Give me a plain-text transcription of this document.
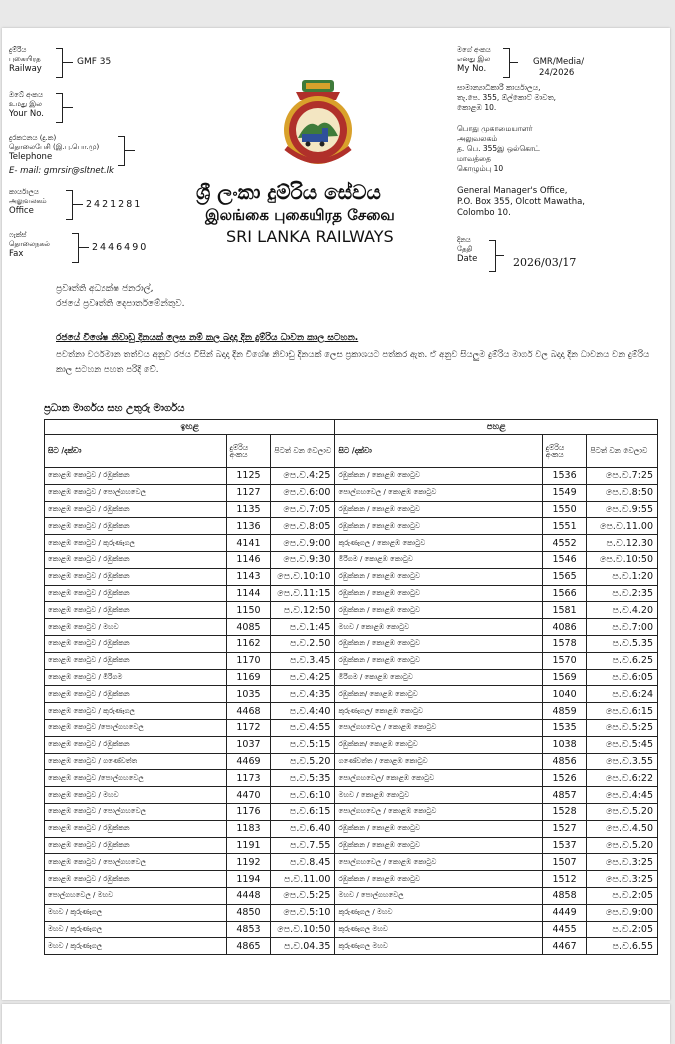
දුම්රිය
புகையிரத
Railway
GMF 35
ඔබේ අංකය
உமது இல
Your No.
දුරකථනය (දු.ක)
தொலைபேசி (இ.பு.பொ.மு)
Telephone
E- mail: gmrsir@sltnet.lk
කාර්යාලය
அலுவலகம்
Office
2421281
ෆැක්ස්
தொலைநகல்
Fax
2446490
ශ්‍රී ලංකා දුම්රිය සේවය
இலங்கை புகையிரத சேவை
SRI LANKA RAILWAYS
මගේ අංකය
எனது இல
My No.
GMR/Media/
24/2026
සාමාන්‍යාධිකාරී කාර්යාලය,
තැ.පෙ. 355, ඕල්කොට් මාවත,
කොළඹ 10.
பொது முகாமையாளர்
அலுவலகம்
த. பெ. 355இ ஒல்கொட்
மாவத்தை
கொழும்பு 10
General Manager's Office,
P.O. Box 355, Olcott Mawatha,
Colombo 10.
දිනය
தேதி
Date	2026/03/17
ප්‍රවෘත්ති අධ්‍යක්ෂ ජනරාල්,
රජයේ ප්‍රවෘත්ති දෙපාර්තමේන්තුව.
රජයේ විශේෂ නිවාඩු දිනයක් ලෙස නම් කල බදාදා දින දුම්රිය ධාවන කාල සටහන.
පවත්නා වර්ථමාන තත්වය අනුව රජය විසින් බදාදා දින විශේෂ නිවාඩු දිනයක් ලෙස ප්‍රකාශයට පත්කර ඇත. ඒ අනුව සියලුම දුම්රිය මාර්ග වල බදාදා දින ධාවනය වන දුම්රිය කාල සටහන පහත පරිදි වේ.
ප්‍රධාන මාර්ගය සහ උතුරු මාර්ගය
ඉහළ			පහළ		
සිට /දක්වා	දුම්රිය අංකය	පිටත් වන වෙලාව	සිට /දක්වා	දුම්රිය අංකය	පිටත් වන වෙලාව
කොළඹ කොටුව / රඹුක්කන	1125	පෙ.ව.4:25	රඹුක්කන / කොළඹ කොටුව	1536	පෙ.ව.7:25
කොළඹ කොටුව / පොල්ගහවෙල	1127	පෙ.ව.6:00	පොල්ගහවෙල / කොළඹ කොටුව	1549	පෙ.ව.8:50
කොළඹ කොටුව / රඹුක්කන	1135	පෙ.ව.7:05	රඹුක්කන / කොළඹ කොටුව	1550	පෙ.ව.9:55
කොළඹ කොටුව / රඹුක්කන	1136	පෙ.ව.8:05	රඹුක්කන / කොළඹ කොටුව	1551	පෙ.ව.11.00
කොළඹ කොටුව / කුරුණෑගල	4141	පෙ.ව.9:00	කුරුණෑගල / කොළඹ කොටුව	4552	ප.ව.12.30
කොළඹ කොටුව / රඹුක්කන	1146	පෙ.ව.9:30	මීරිගම / කොළඹ කොටුව	1546	පෙ.ව.10:50
කොළඹ කොටුව / රඹුක්කන	1143	පෙ.ව.10:10	රඹුක්කන / කොළඹ කොටුව	1565	ප.ව.1:20
කොළඹ කොටුව / රඹුක්කන	1144	පෙ.ව.11:15	රඹුක්කන / කොළඹ කොටුව	1566	ප.ව.2:35
කොළඹ කොටුව / රඹුක්කන	1150	ප.ව.12:50	රඹුක්කන / කොළඹ කොටුව	1581	ප.ව.4.20
කොළඹ කොටුව / මහව	4085	ප.ව.1:45	මහව / කොළඹ කොටුව	4086	ප.ව.7:00
කොළඹ කොටුව / රඹුක්කන	1162	ප.ව.2.50	රඹුක්කන / කොළඹ කොටුව	1578	ප.ව.5.35
කොළඹ කොටුව / රඹුක්කන	1170	ප.ව.3.45	රඹුක්කන / කොළඹ කොටුව	1570	ප.ව.6.25
කොළඹ කොටුව / මීරිගම	1169	ප.ව.4:25	මීරිගම / කොළඹ කොටුව	1569	ප.ව.6:05
කොළඹ කොටුව / රඹුක්කන	1035	ප.ව.4:35	රඹුක්කන/ කොළඹ කොටුව	1040	ප.ව.6:24
කොළඹ කොටුව / කුරුණෑගල	4468	ප.ව.4:40	කුරුණෑගල/ කොළඹ කොටුව	4859	පෙ.ව.6:15
කොළඹ කොටුව /පොල්ගහවෙල	1172	ප.ව.4:55	පොල්ගහවෙල / කොළඹ කොටුව	1535	පෙ.ව.5:25
කොළඹ කොටුව / රඹුක්කන	1037	ප.ව.5:15	රඹුක්කන/ කොළඹ කොටුව	1038	පෙ.ව.5:45
කොළඹ කොටුව / ගණේවත්ත	4469	ප.ව.5.20	ගණේවත්ත / කොළඹ කොටුව	4856	පෙ.ව.3.55
කොළඹ කොටුව /පොල්ගහවෙල	1173	ප.ව.5:35	පොල්ගහවෙල/ කොළඹ කොටුව	1526	පෙ.ව.6:22
කොළඹ කොටුව / මහව	4470	ප.ව.6:10	මහව / කොළඹ කොටුව	4857	පෙ.ව.4:45
කොළඹ කොටුව / පොල්ගහවෙල	1176	ප.ව.6:15	පොල්ගහවෙල / කොළඹ කොටුව	1528	පෙ.ව.5.20
කොළඹ කොටුව / රඹුක්කන	1183	ප.ව.6.40	රඹුක්කන / කොළඹ කොටුව	1527	පෙ.ව.4.50
කොළඹ කොටුව / රඹුක්කන	1191	ප.ව.7.55	රඹුක්කන / කොළඹ කොටුව	1537	පෙ.ව.5.20
කොළඹ කොටුව / පොල්ගහවෙල	1192	ප.ව.8.45	පොල්ගහවෙල / කොළඹ කොටුව	1507	පෙ.ව.3:25
කොළඹ කොටුව / රඹුක්කන	1194	ප.ව.11.00	රඹුක්කන / කොළඹ කොටුව	1512	පෙ.ව.3:25
පොල්ගහවෙල / මහව	4448	පෙ.ව.5:25	මහව / පොල්ගහවෙල	4858	ප.ව.2:05
මහව / කුරුණෑගල	4850	පෙ.ව.5:10	කුරුණෑගල / මහව	4449	පෙ.ව.9:00
මහව / කුරුණෑගල	4853	පෙ.ව.10:50	කුරුණෑගල මහව	4455	ප.ව.2:05
මහව / කුරුණෑගල	4865	ප.ව.04.35	කුරුණෑගල මහව	4467	ප.ව.6.55
